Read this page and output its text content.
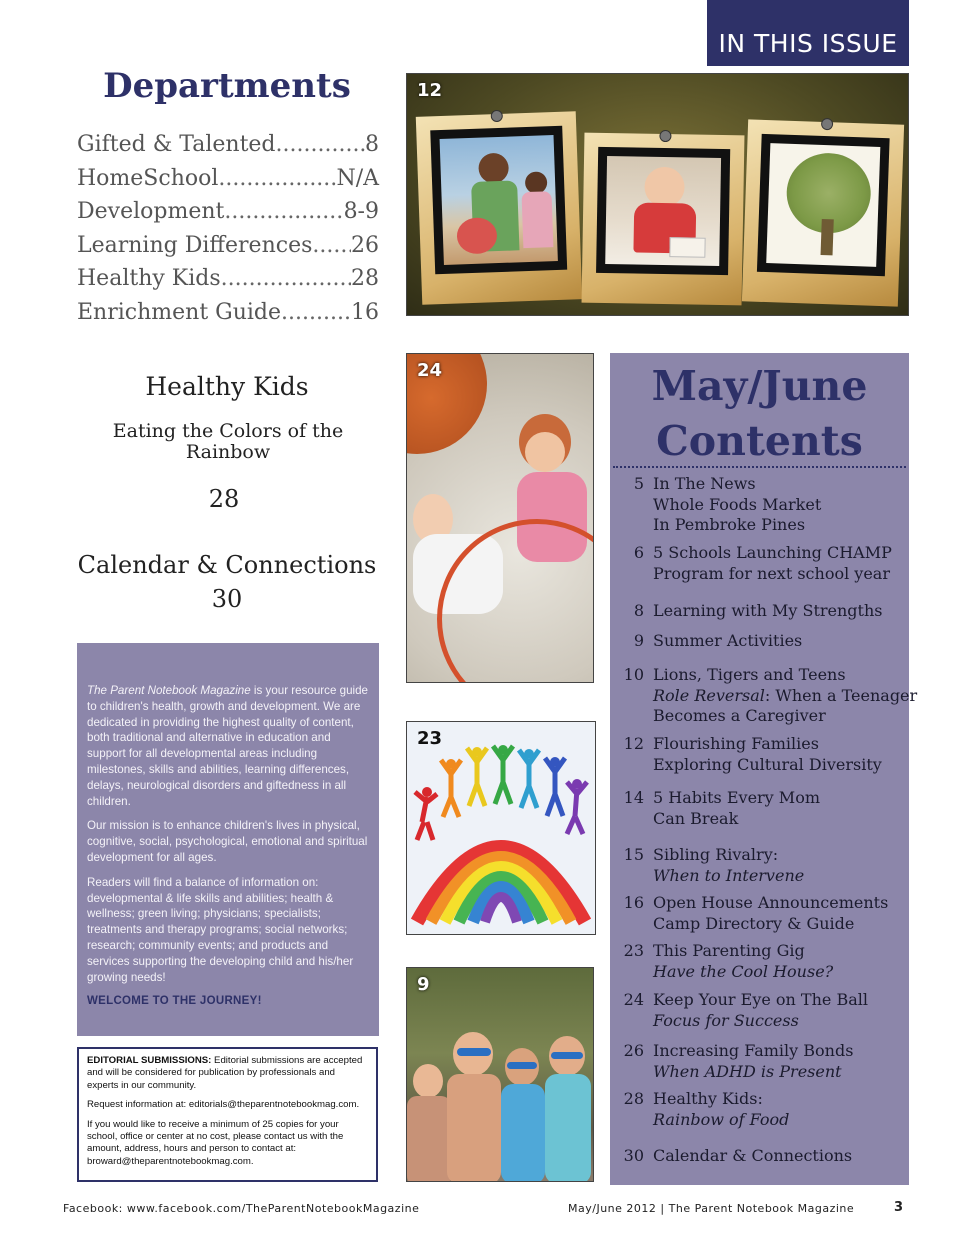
IN THIS ISSUE
Departments
Gifted & Talented .....	8
HomeSchool .....	N/A
Development .....	8-9
Learning Differences ..... 26
Healthy Kids .....	28
Enrichment Guide .....	16
12
24
23
9
Healthy Kids
Eating the Colors of the Rainbow
28
Calendar & Connections
30

The Parent Notebook Magazine is your resource guide to children's health, growth and development. We are dedicated in providing the highest quality of content, both traditional and alternative in education and support for all developmental areas including milestones, skills and abilities, learning differences, delays, neurological disorders and giftedness in all children.

Our mission is to enhance children's lives in physical, cognitive, social, psychological, emotional and spiritual development for all ages.

Readers will find a balance of information on: developmental & life skills and abilities; health & wellness; green living; physicians; specialists; treatments and therapy programs; social networks; research; community events; and products and services supporting the developing child and his/her growing needs!

WELCOME TO THE JOURNEY!

EDITORIAL SUBMISSIONS: Editorial submissions are accepted and will be considered for publication by professionals and experts in our community.

Request information at: editorials@theparentnotebookmag.com.

If you would like to receive a minimum of 25 copies for your school, office or center at no cost, please contact us with the amount, address, hours and person to contact at: broward@theparentnotebookmag.com.

May/June
Contents
5 In The News
Whole Foods Market
In Pembroke Pines
6 5 Schools Launching CHAMP
Program for next school year
8 Learning with My Strengths
9 Summer Activities
10 Lions, Tigers and Teens
Role Reversal: When a Teenager
Becomes a Caregiver
12 Flourishing Families
Exploring Cultural Diversity
14 5 Habits Every Mom
Can Break
15 Sibling Rivalry:
When to Intervene
16 Open House Announcements
Camp Directory & Guide
23 This Parenting Gig
Have the Cool House?
24 Keep Your Eye on The Ball
Focus for Success
26 Increasing Family Bonds
When ADHD is Present
28 Healthy Kids:
Rainbow of Food
30 Calendar & Connections
Facebook: www.facebook.com/TheParentNotebookMagazine	May/June 2012 | The Parent Notebook Magazine	3
